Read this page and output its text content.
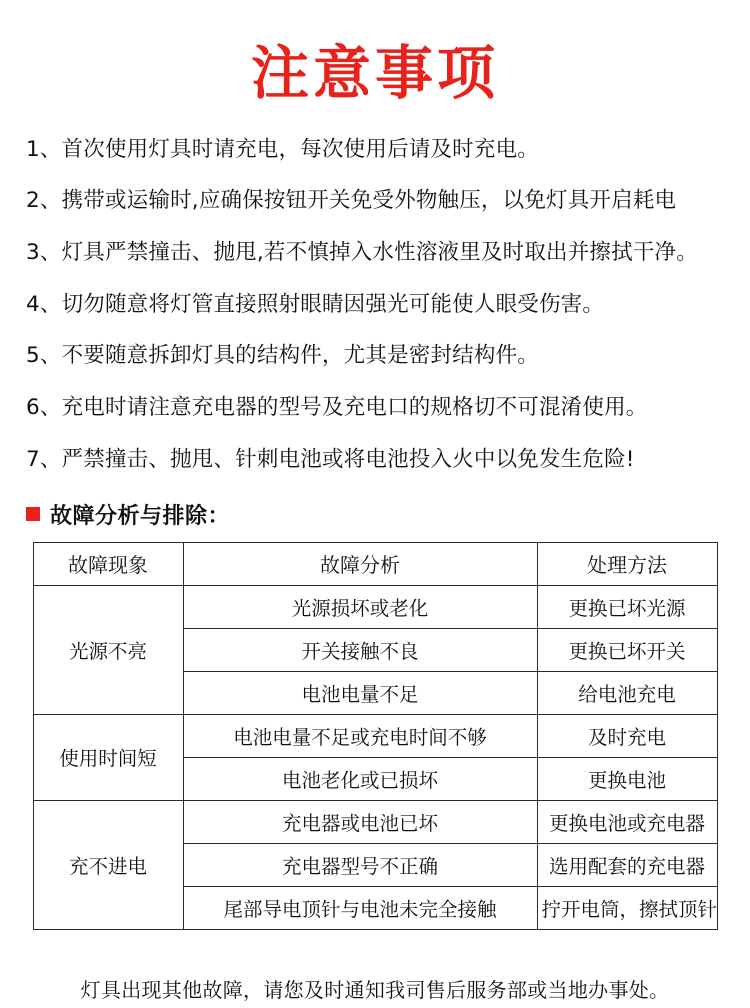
注意事项
1、首次使用灯具时请充电，每次使用后请及时充电。
2、携带或运输时,应确保按钮开关免受外物触压，以免灯具开启耗电
3、灯具严禁撞击、抛甩,若不慎掉入水性溶液里及时取出并擦拭干净。
4、切勿随意将灯管直接照射眼睛因强光可能使人眼受伤害。
5、不要随意拆卸灯具的结构件，尤其是密封结构件。
6、充电时请注意充电器的型号及充电口的规格切不可混淆使用。
7、严禁撞击、抛甩、针刺电池或将电池投入火中以免发生危险!
故障分析与排除：
故障现象	故障分析	处理方法
光源不亮	光源损坏或老化	更换已坏光源
	开关接触不良	更换已坏开关
	电池电量不足	给电池充电
使用时间短	电池电量不足或充电时间不够	及时充电
	电池老化或已损坏	更换电池
充不进电	充电器或电池已坏	更换电池或充电器
	充电器型号不正确	选用配套的充电器
	尾部导电顶针与电池未完全接触	拧开电筒，擦拭顶针
灯具出现其他故障，请您及时通知我司售后服务部或当地办事处。
